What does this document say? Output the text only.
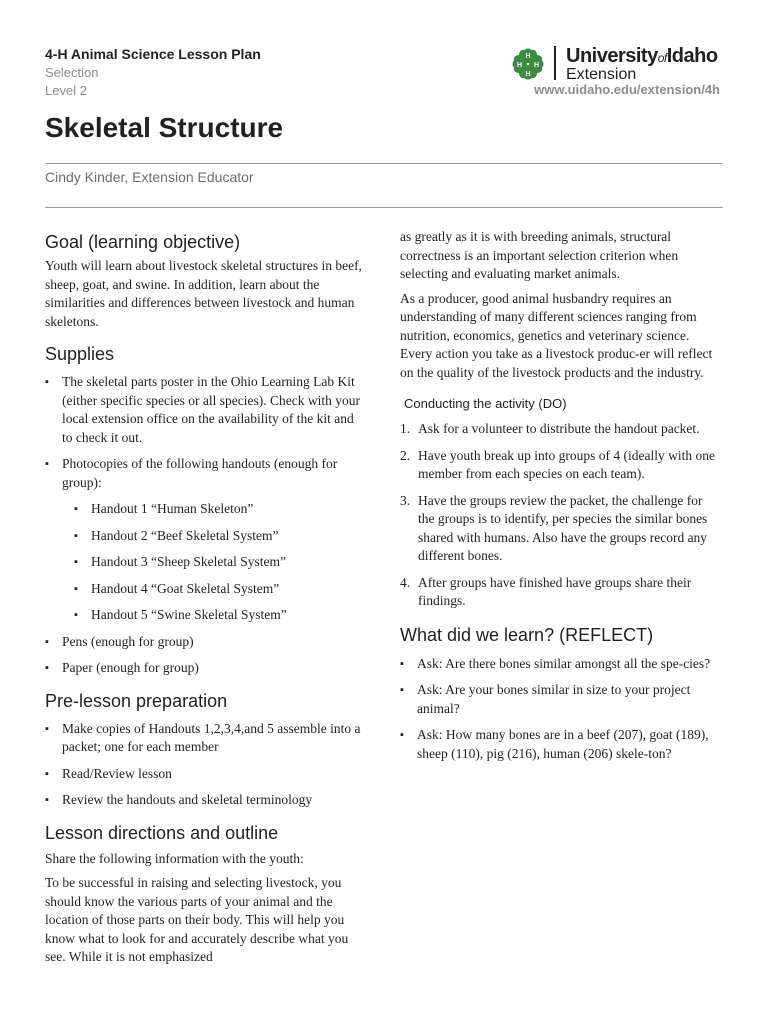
4-H Animal Science Lesson Plan
Selection
Level 2
H
H
H H UniversityofIdaho
Extension
www.uidaho.edu/extension/4h
Skeletal Structure
Cindy Kinder, Extension Educator
Goal (learning objective)

Youth will learn about livestock skeletal structures in beef, sheep, goat, and swine. In addition, learn about the similarities and differences between livestock and human skeletons.

Supplies
▪ The skeletal parts poster in the Ohio Learning Lab Kit (either specific species or all species). Check with your local extension office on the availability of the kit and to check it out.
▪ Photocopies of the following handouts (enough for group):
▪ Handout 1 “Human Skeleton”
▪ Handout 2 “Beef Skeletal System”
▪ Handout 3 “Sheep Skeletal System”
▪ Handout 4 “Goat Skeletal System”
▪ Handout 5 “Swine Skeletal System”
▪ Pens (enough for group)
▪ Paper (enough for group)
Pre-lesson preparation
▪ Make copies of Handouts 1,2,3,4,and 5 assemble into a packet; one for each member
▪ Read/Review lesson
▪ Review the handouts and skeletal terminology
Lesson directions and outline

Share the following information with the youth:

To be successful in raising and selecting livestock, you should know the various parts of your animal and the location of those parts on their body. This will help you know what to look for and accurately describe what you see. While it is not emphasized

as greatly as it is with breeding animals, structural correctness is an important selection criterion when selecting and evaluating market animals.

As a producer, good animal husbandry requires an understanding of many different sciences ranging from nutrition, economics, genetics and veterinary science. Every action you take as a livestock produc-er will reflect on the quality of the livestock products and the industry.

Conducting the activity (DO)
1. Ask for a volunteer to distribute the handout packet.
2. Have youth break up into groups of 4 (ideally with one member from each species on each team).
3. Have the groups review the packet, the challenge for the groups is to identify, per species the similar bones shared with humans. Also have the groups record any different bones.
4. After groups have finished have groups share their findings.
What did we learn? (REFLECT)
▪ Ask: Are there bones similar amongst all the spe-cies?
▪ Ask: Are your bones similar in size to your project animal?
▪ Ask: How many bones are in a beef (207), goat (189), sheep (110), pig (216), human (206) skele-ton?
